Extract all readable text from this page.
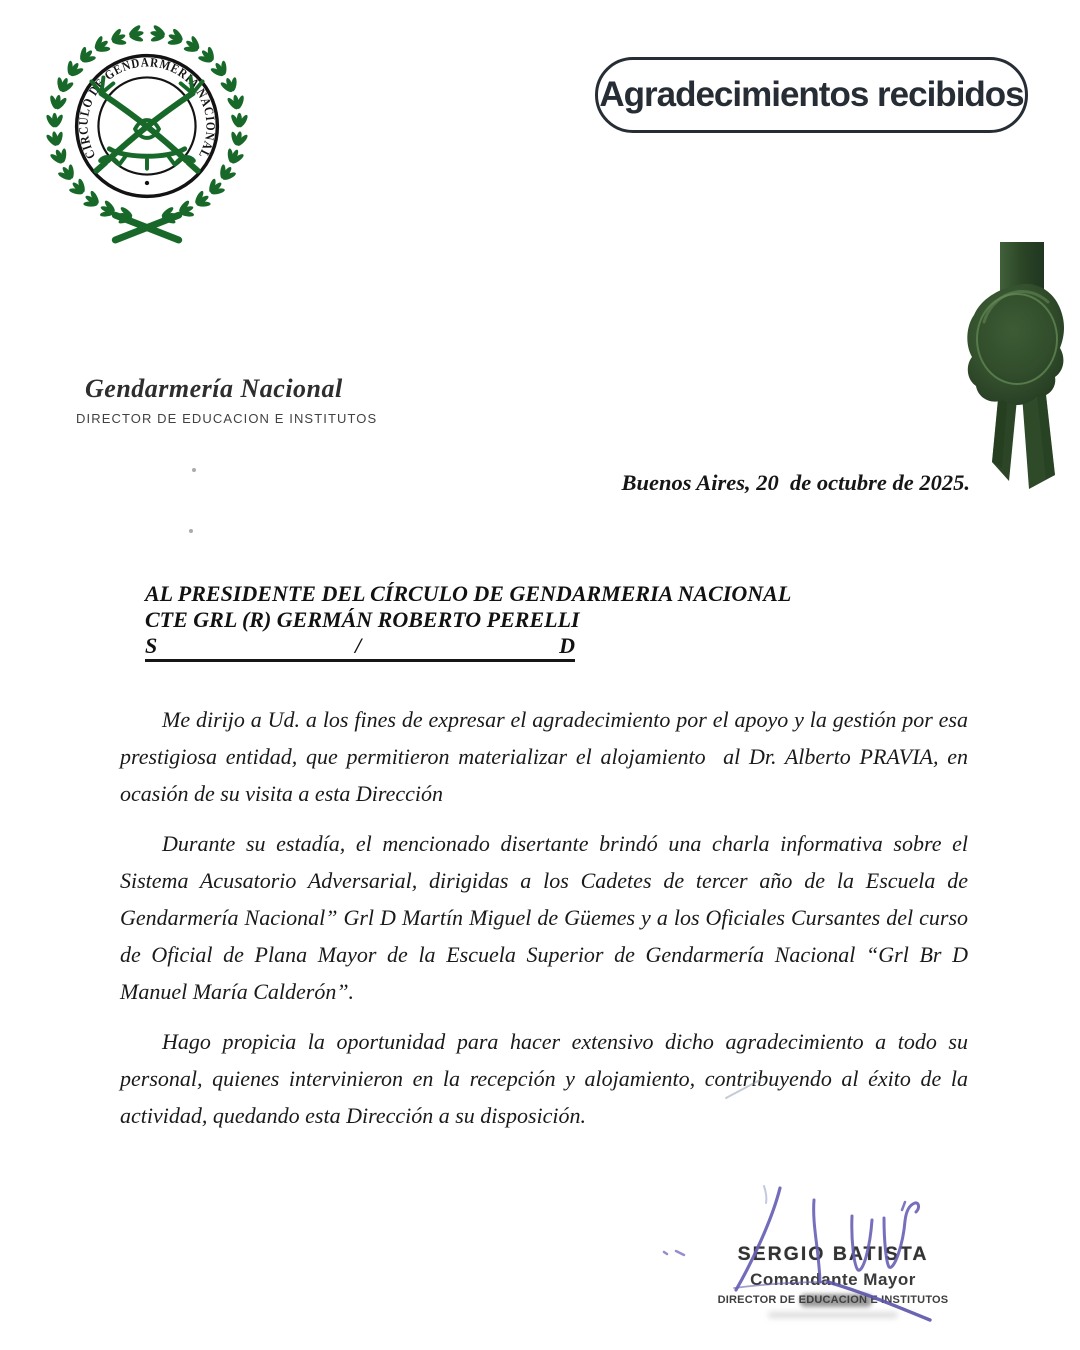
CIRCULO DE GENDARMERIA NACIONAL
Agradecimientos recibidos
Gendarmería Nacional
DIRECTOR DE EDUCACION E INSTITUTOS
Buenos Aires, 20  de octubre de 2025.
AL PRESIDENTE DEL CÍRCULO DE GENDARMERIA NACIONAL
CTE GRL (R) GERMÁN ROBERTO PERELLI
S	/	D

Me dirijo a Ud. a los fines de expresar el agradecimiento por el apoyo y la gestión por esa prestigiosa entidad, que permitieron materializar el alojamiento  al Dr. Alberto PRAVIA, en ocasión de su visita a esta Dirección

Durante su estadía, el mencionado disertante brindó una charla informativa sobre el Sistema Acusatorio Adversarial, dirigidas a los Cadetes de tercer año de la Escuela de Gendarmería Nacional” Grl D Martín Miguel de Güemes y a los Oficiales Cursantes del curso de Oficial de Plana Mayor de la Escuela Superior de Gendarmería Nacional “Grl Br D Manuel María Calderón”.

Hago propicia la oportunidad para hacer extensivo dicho agradecimiento a todo su personal, quienes intervinieron en la recepción y alojamiento, contribuyendo al éxito de la actividad, quedando esta Dirección a su disposición.

SERGIO BATISTA
Comandante Mayor
DIRECTOR DE EDUCACION E INSTITUTOS
